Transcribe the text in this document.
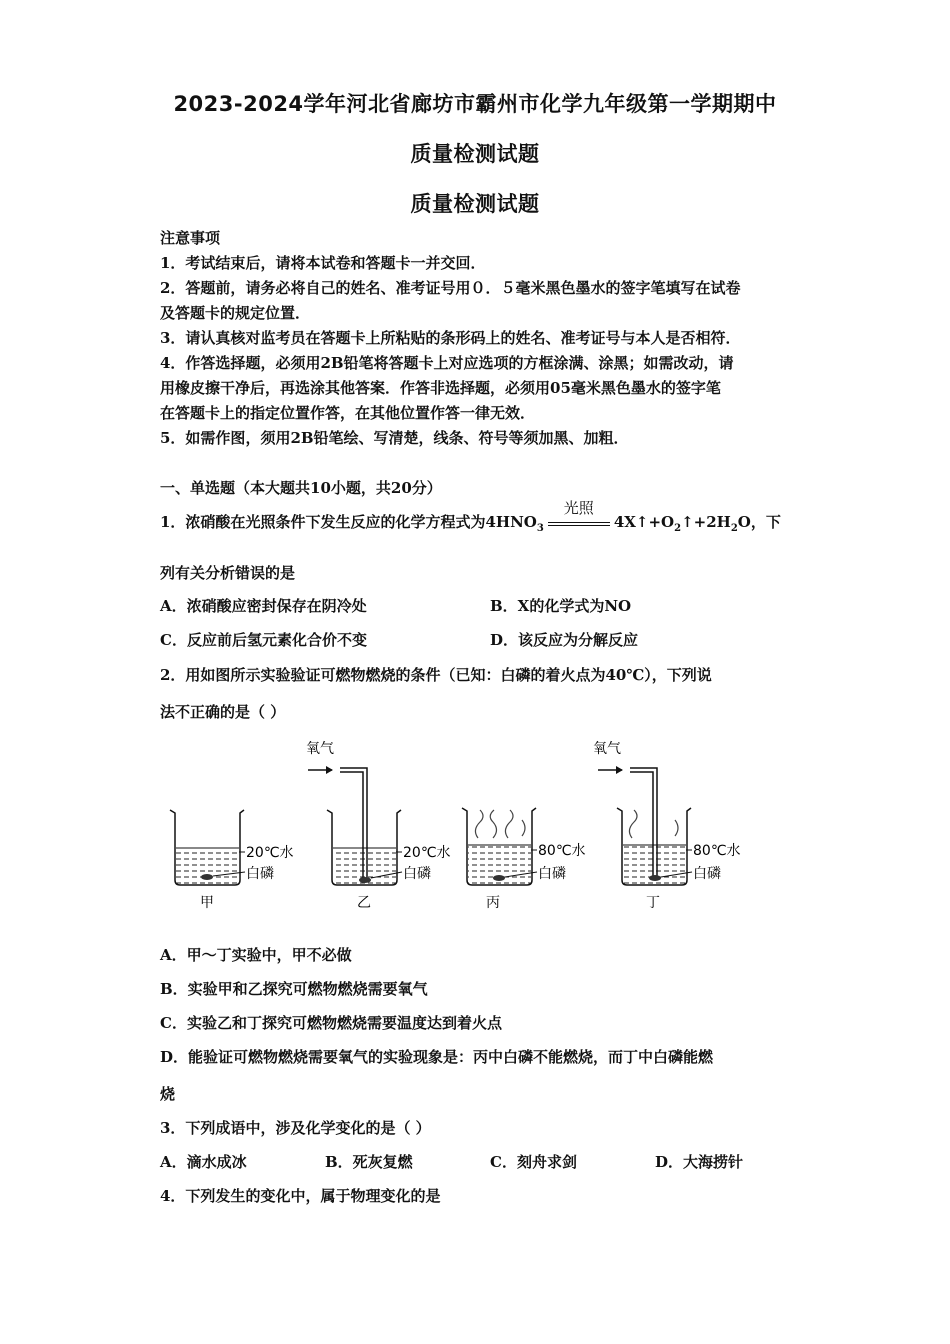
2023-2024学年河北省廊坊市霸州市化学九年级第一学期期中
质量检测试题
质量检测试题
注意事项
1．考试结束后，请将本试卷和答题卡一并交回．
2．答题前，请务必将自己的姓名、准考证号用０．５毫米黑色墨水的签字笔填写在试卷
及答题卡的规定位置．
3．请认真核对监考员在答题卡上所粘贴的条形码上的姓名、准考证号与本人是否相符．
4．作答选择题，必须用2B铅笔将答题卡上对应选项的方框涂满、涂黑；如需改动，请
用橡皮擦干净后，再选涂其他答案．作答非选择题，必须用05毫米黑色墨水的签字笔
在答题卡上的指定位置作答，在其他位置作答一律无效．
5．如需作图，须用2B铅笔绘、写清楚，线条、符号等须加黑、加粗．
一、单选题（本大题共10小题，共20分）
1．浓硝酸在光照条件下发生反应的化学方程式为$4HNO_3$
光照
$4X↑+O_2↑+2H_2O$，下
列有关分析错误的是
A．浓硝酸应密封保存在阴冷处	B．X的化学式为NO
C．反应前后氢元素化合价不变	D．该反应为分解反应
2．用如图所示实验验证可燃物燃烧的条件（已知：白磷的着火点为40℃），下列说
法不正确的是（ ）
20℃水
白磷
甲
氧气
20℃水
白磷
乙
80℃水
白磷
丙
氧气
80℃水
白磷
丁
A．甲～丁实验中，甲不必做
B．实验甲和乙探究可燃物燃烧需要氧气
C．实验乙和丁探究可燃物燃烧需要温度达到着火点
D．能验证可燃物燃烧需要氧气的实验现象是：丙中白磷不能燃烧，而丁中白磷能燃
烧
3．下列成语中，涉及化学变化的是（ ）
A．滴水成冰	B．死灰复燃	C．刻舟求剑	D．大海捞针
4．下列发生的变化中，属于物理变化的是
